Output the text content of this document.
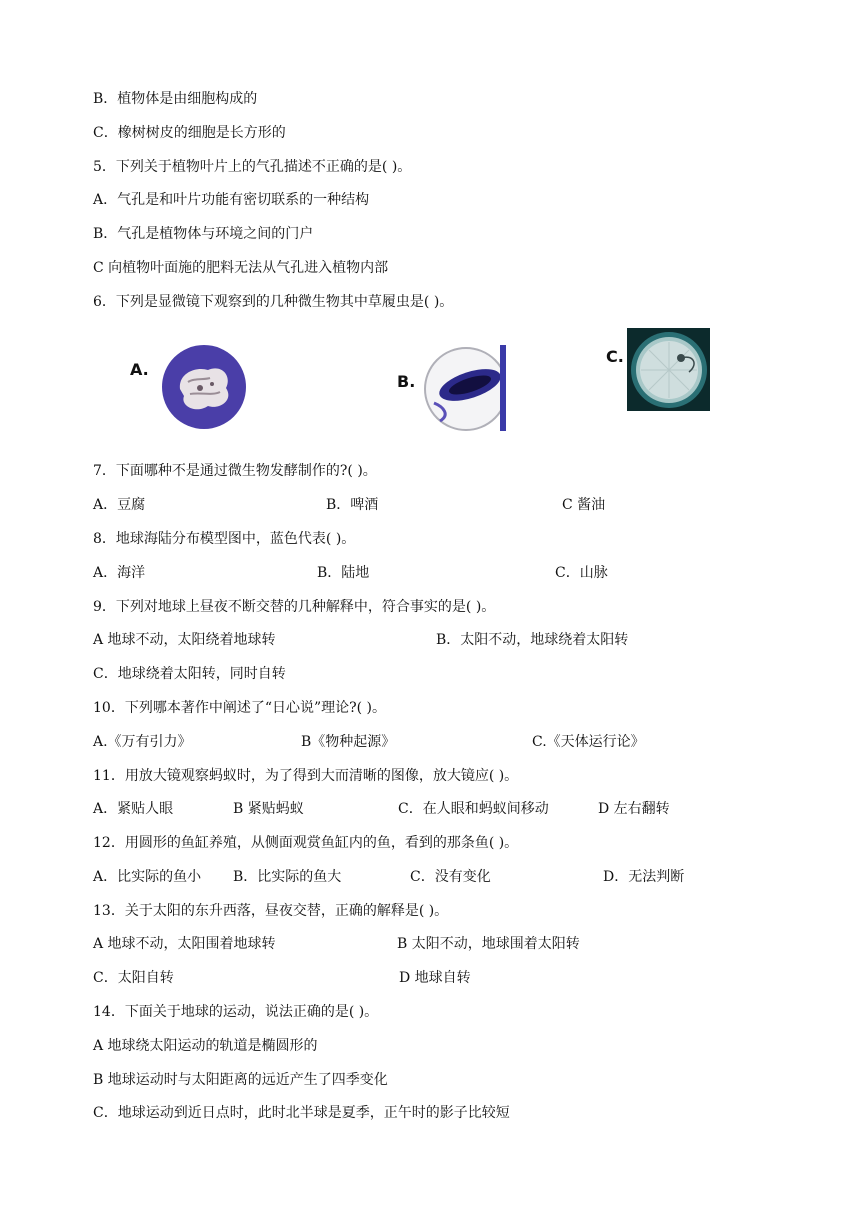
B．植物体是由细胞构成的
C．橡树树皮的细胞是长方形的
5．下列关于植物叶片上的气孔描述不正确的是( )。
A．气孔是和叶片功能有密切联系的一种结构
B．气孔是植物体与环境之间的门户
C 向植物叶面施的肥料无法从气孔进入植物内部
6．下列是显微镜下观察到的几种微生物其中草履虫是( )。
A.
B.
C.
7．下面哪种不是通过微生物发酵制作的?( )。
A．豆腐	B．啤酒	C 酱油
8．地球海陆分布模型图中，蓝色代表( )。
A．海洋	B．陆地	C．山脉
9．下列对地球上昼夜不断交替的几种解释中，符合事实的是( )。
A 地球不动，太阳绕着地球转	B．太阳不动，地球绕着太阳转
C．地球绕着太阳转，同时自转
10．下列哪本著作中阐述了“日心说”理论?( )。
A.《万有引力》	B《物种起源》	C.《天体运行论》
11．用放大镜观察蚂蚁时，为了得到大而清晰的图像，放大镜应( )。
A．紧贴人眼	B 紧贴蚂蚁	C．在人眼和蚂蚁间移动	D 左右翻转
12．用圆形的鱼缸养殖，从侧面观赏鱼缸内的鱼，看到的那条鱼( )。
A．比实际的鱼小 B．比实际的鱼大	C．没有变化	D．无法判断
13．关于太阳的东升西落，昼夜交替，正确的解释是( )。
A 地球不动，太阳围着地球转	B 太阳不动，地球围着太阳转
C．太阳自转	D 地球自转
14．下面关于地球的运动，说法正确的是( )。
A 地球绕太阳运动的轨道是椭圆形的
B 地球运动时与太阳距离的远近产生了四季变化
C．地球运动到近日点时，此时北半球是夏季，正午时的影子比较短
